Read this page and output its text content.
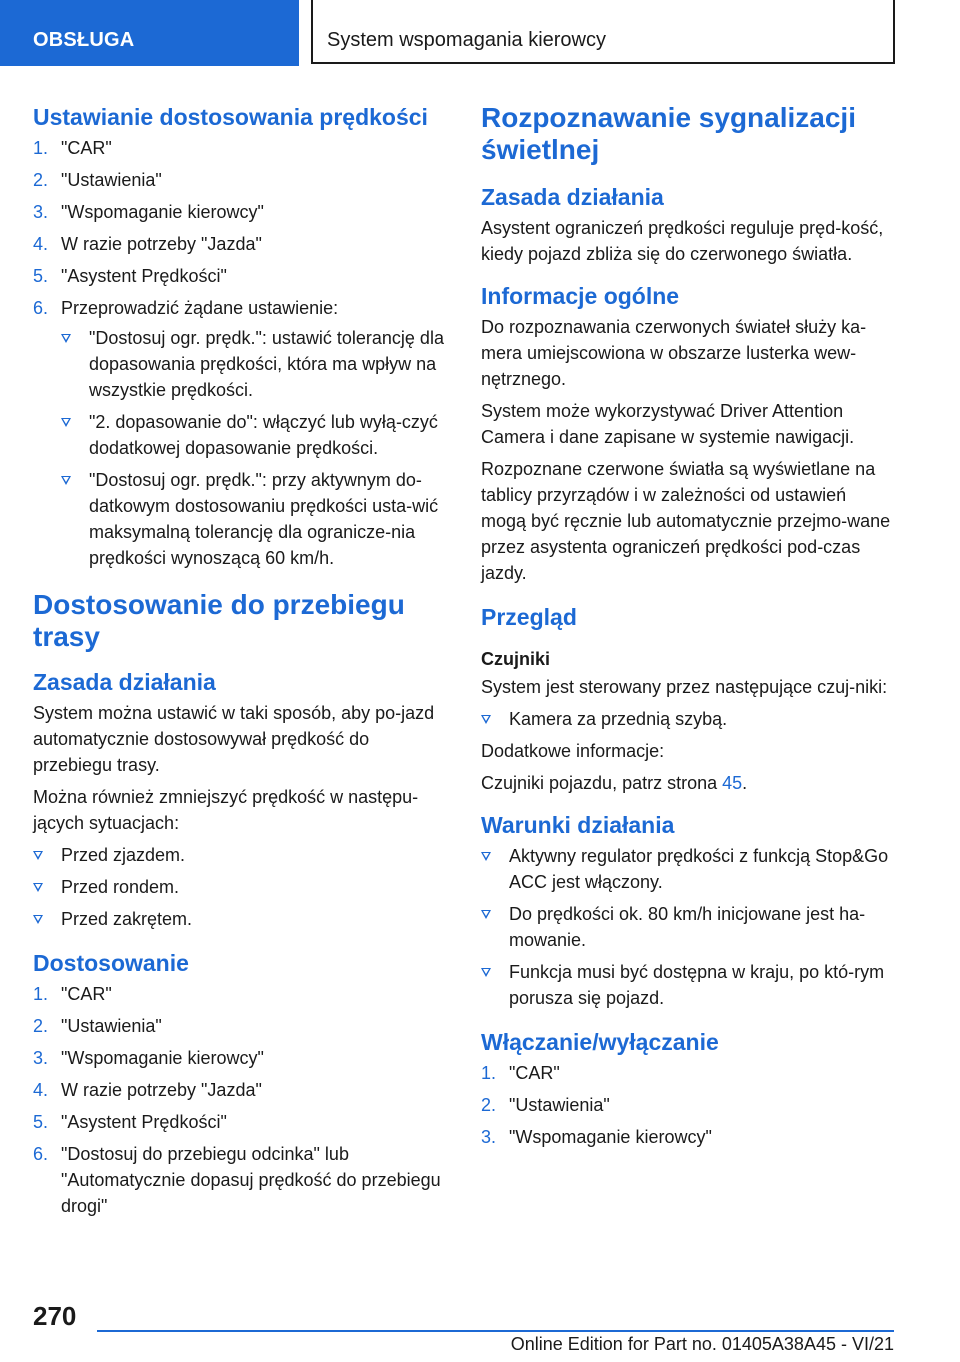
OBSŁUGA	System wspomagania kierowcy
Ustawianie dostosowania prędkości
1. "CAR"
2. "Ustawienia"
3. "Wspomaganie kierowcy"
4. W razie potrzeby "Jazda"
5. "Asystent Prędkości"
6. Przeprowadzić żądane ustawienie:
"Dostosuj ogr. prędk.": ustawić tolerancję dla dopasowania prędkości, która ma wpływ na wszystkie prędkości.
"2. dopasowanie do": włączyć lub wyłą‐czyć dodatkowej dopasowanie prędkości.
"Dostosuj ogr. prędk.": przy aktywnym do‐datkowym dostosowaniu prędkości usta‐wić maksymalną tolerancję dla ogranicze‐nia prędkości wynoszącą 60 km/h.
Dostosowanie do przebiegu trasy
Zasada działania
System można ustawić w taki sposób, aby po‐jazd automatycznie dostosowywał prędkość do przebiegu trasy.
Można również zmniejszyć prędkość w następu‐jących sytuacjach:
Przed zjazdem.
Przed rondem.
Przed zakrętem.
Dostosowanie
1. "CAR"
2. "Ustawienia"
3. "Wspomaganie kierowcy"
4. W razie potrzeby "Jazda"
5. "Asystent Prędkości"
6. "Dostosuj do przebiegu odcinka" lub "Automatycznie dopasuj prędkość do przebiegu drogi"
Rozpoznawanie sygnalizacji świetlnej
Zasada działania
Asystent ograniczeń prędkości reguluje pręd‐kość, kiedy pojazd zbliża się do czerwonego światła.
Informacje ogólne
Do rozpoznawania czerwonych świateł służy ka‐mera umiejscowiona w obszarze lusterka wew‐nętrznego.
System może wykorzystywać Driver Attention Camera i dane zapisane w systemie nawigacji.
Rozpoznane czerwone światła są wyświetlane na tablicy przyrządów i w zależności od ustawień mogą być ręcznie lub automatycznie przejmo‐wane przez asystenta ograniczeń prędkości pod‐czas jazdy.
Przegląd
Czujniki
System jest sterowany przez następujące czuj‐niki:
Kamera za przednią szybą.
Dodatkowe informacje:
Czujniki pojazdu, patrz strona 45.
Warunki działania
Aktywny regulator prędkości z funkcją Stop&Go ACC jest włączony.
Do prędkości ok. 80 km/h inicjowane jest ha‐mowanie.
Funkcja musi być dostępna w kraju, po któ‐rym porusza się pojazd.
Włączanie/wyłączanie
1. "CAR"
2. "Ustawienia"
3. "Wspomaganie kierowcy"
270
Online Edition for Part no. 01405A38A45 - VI/21
